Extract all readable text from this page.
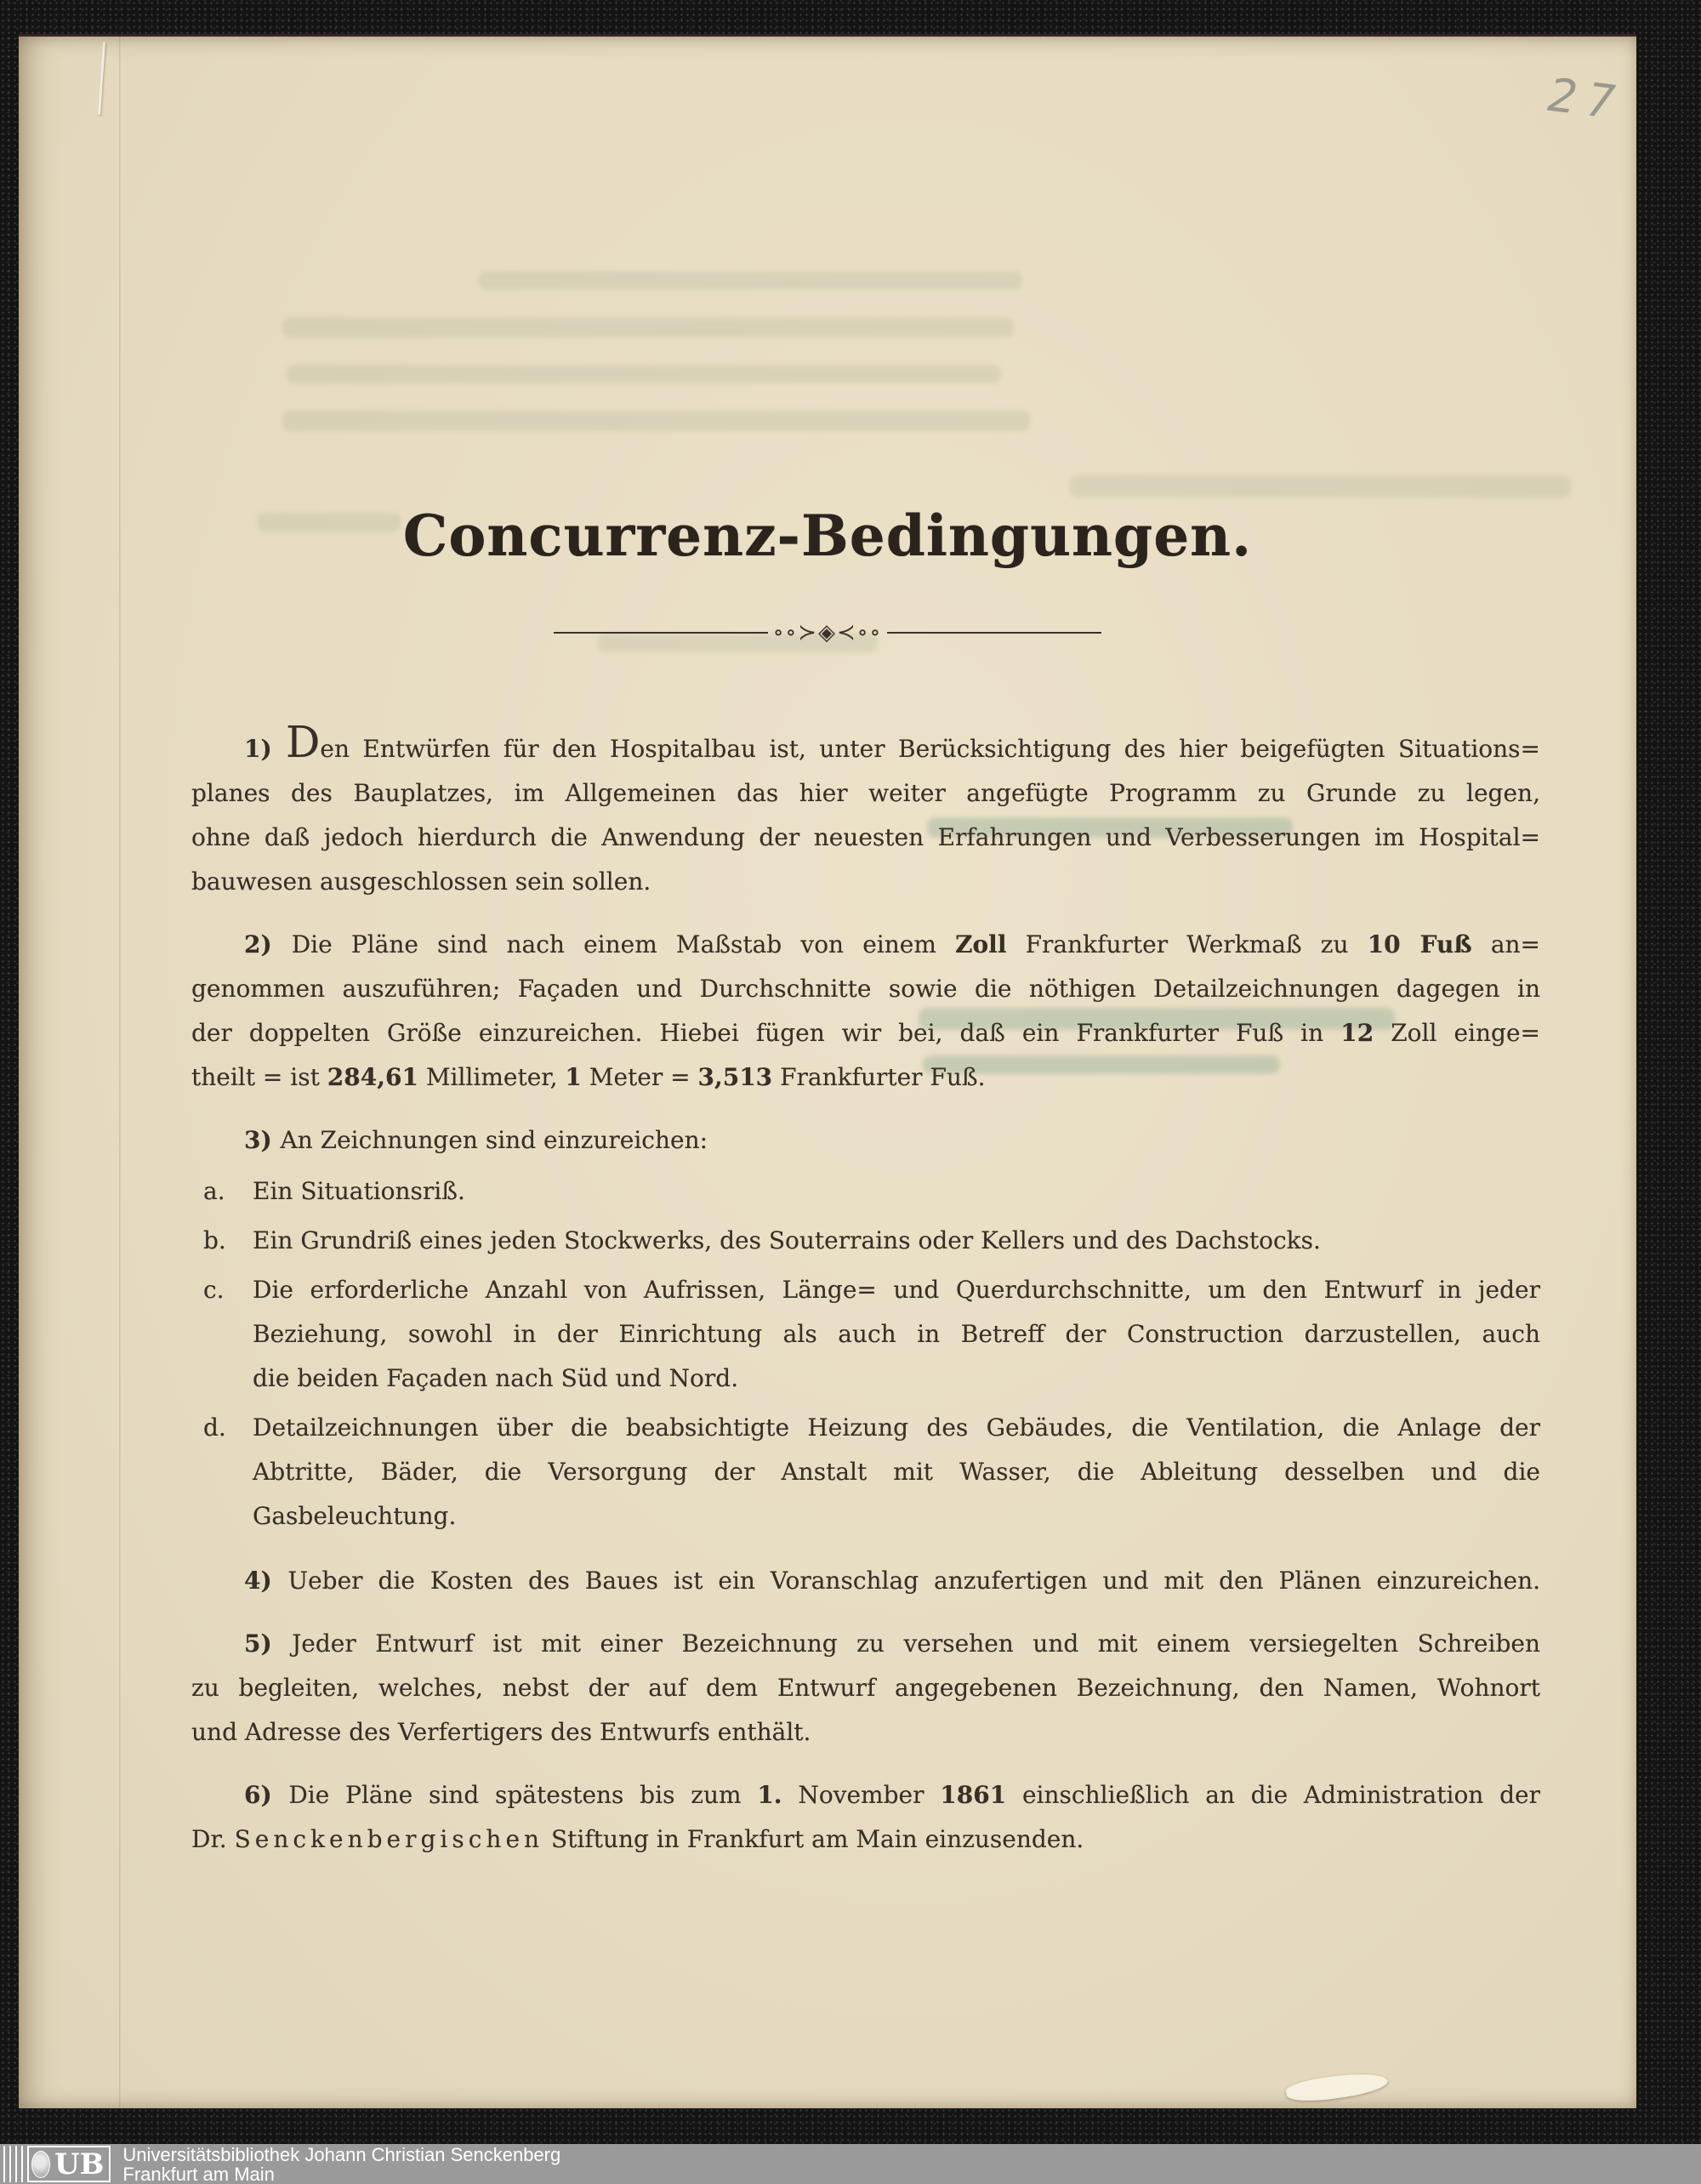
27
Concurrenz-Bedingungen.
∘∘≻◈≺∘∘
1) Den Entwürfen für den Hospitalbau ist, unter Berücksichtigung des hier beigefügten Situations=
planes des Bauplatzes, im Allgemeinen das hier weiter angefügte Programm zu Grunde zu legen,
ohne daß jedoch hierdurch die Anwendung der neuesten Erfahrungen und Verbesserungen im Hospital=
bauwesen ausgeschlossen sein sollen.
2) Die Pläne sind nach einem Maßstab von einem Zoll Frankfurter Werkmaß zu 10 Fuß an=
genommen auszuführen; Façaden und Durchschnitte sowie die nöthigen Detailzeichnungen dagegen in
der doppelten Größe einzureichen. Hiebei fügen wir bei, daß ein Frankfurter Fuß in 12 Zoll einge=
theilt = ist 284,61 Millimeter, 1 Meter = 3,513 Frankfurter Fuß.
3) An Zeichnungen sind einzureichen:
a. Ein Situationsriß.
b. Ein Grundriß eines jeden Stockwerks, des Souterrains oder Kellers und des Dachstocks.
c. Die erforderliche Anzahl von Aufrissen, Länge= und Querdurchschnitte, um den Entwurf in jeder
Beziehung, sowohl in der Einrichtung als auch in Betreff der Construction darzustellen, auch
die beiden Façaden nach Süd und Nord.
d. Detailzeichnungen über die beabsichtigte Heizung des Gebäudes, die Ventilation, die Anlage der
Abtritte, Bäder, die Versorgung der Anstalt mit Wasser, die Ableitung desselben und die
Gasbeleuchtung.
4) Ueber die Kosten des Baues ist ein Voranschlag anzufertigen und mit den Plänen einzureichen.
5) Jeder Entwurf ist mit einer Bezeichnung zu versehen und mit einem versiegelten Schreiben
zu begleiten, welches, nebst der auf dem Entwurf angegebenen Bezeichnung, den Namen, Wohnort
und Adresse des Verfertigers des Entwurfs enthält.
6) Die Pläne sind spätestens bis zum 1. November 1861 einschließlich an die Administration der
Dr. Senckenbergischen Stiftung in Frankfurt am Main einzusenden.
UB Universitätsbibliothek Johann Christian Senckenberg
Frankfurt am Main
